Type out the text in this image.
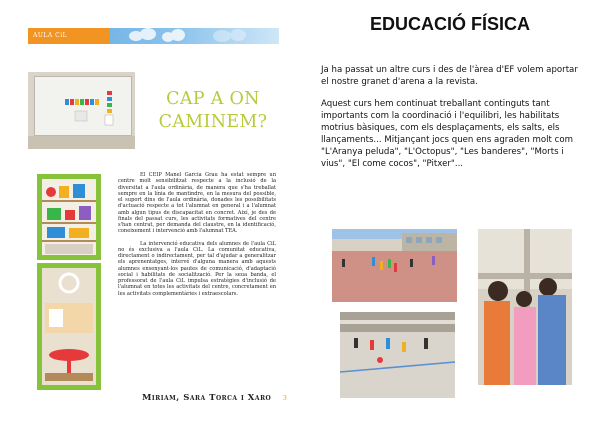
AULA CiL
CAP A ON
CAMINEM?

El CEIP Manel Garcia Grau ha estat sempre un centre molt sensibilitzat respecte a la inclusió de la diversitat a l'aula ordinària, de manera que s'ha treballat sempre en la línia de mantindre, en la mesura del possible, el suport dins de l'aula ordinària, donades les possibilitats d'actuació respecte a tot l'alumnat en general i a l'alumnat amb algun tipus de discapacitat en concret. Així, je des de finals del passat curs, les activitats formatives del centre s'han centrat, per demanda del claustre, en la identificació, coneixement i intervenció amb l'alumnat TEA.

La intervenció educativa dels alumnes de l'aula CiL no és exclusiva a l'aula CiL. La comunitat educativa, directament o indirectament, per tal d'ajudar a generalitzar els aprenentatges, intervé d'alguna manera amb aquests alumnes ensenyant-los pautes de comunicació, d'adaptació social i habilitats de socialització. Per la seua banda, el professorat de l'aula CiL impulsa estratègies d'inclusió de l'alumnat en totes les activitats del centre, concretament en les activitats complementàries i extraescolars.

Miriam, Sara Torca i Xaro 3
EDUCACIÓ FÍSICA

Ja ha passat un altre curs i des de l'àrea d'EF volem aportar el nostre granet d'arena a la revista.

Aquest curs hem continuat treballant continguts tant importants com la coordinació i l'equilibri, les habilitats motrius bàsiques, com els desplaçaments, els salts, els llançaments... Mitjançant jocs quen ens agraden molt com "L'Aranya peluda", "L'Octopus", "Les banderes", "Morts i vius", "El come cocos", "Pitxer"...
